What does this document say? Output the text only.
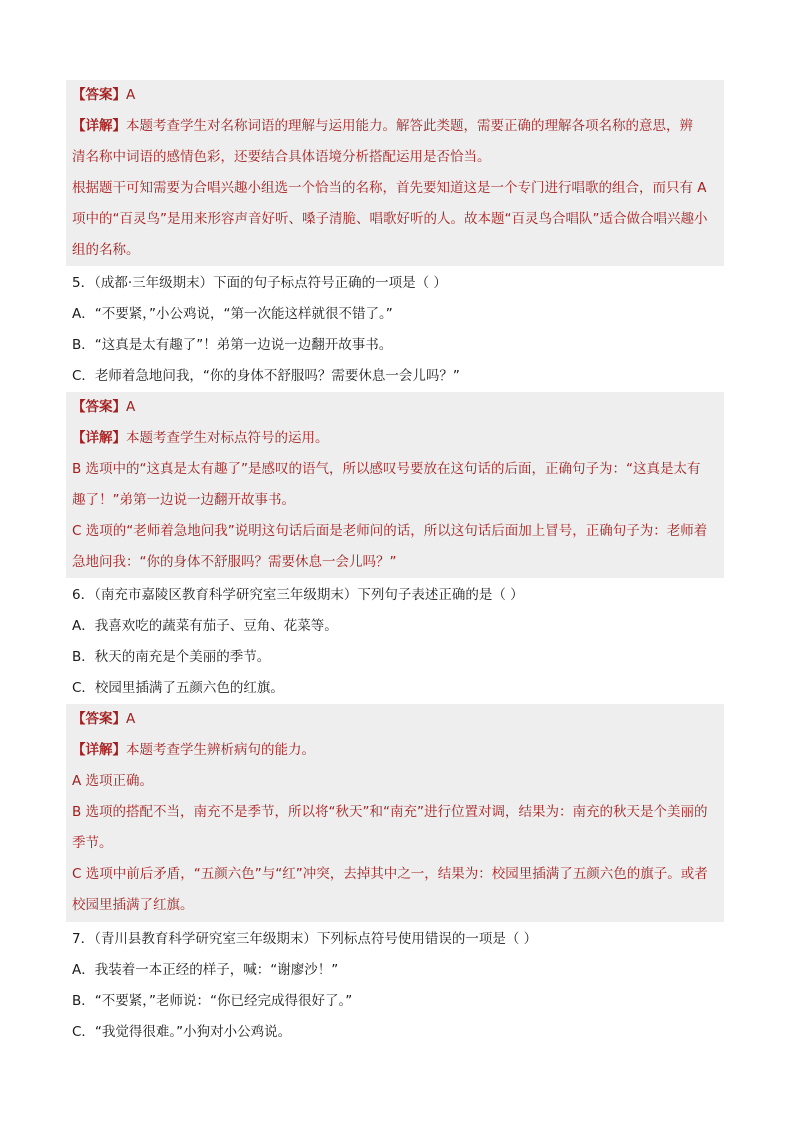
【答案】A
【详解】本题考查学生对名称词语的理解与运用能力。解答此类题，需要正确的理解各项名称的意思，辨
清名称中词语的感情色彩，还要结合具体语境分析搭配运用是否恰当。
根据题干可知需要为合唱兴趣小组选一个恰当的名称，首先要知道这是一个专门进行唱歌的组合，而只有 A
项中的“百灵鸟”是用来形容声音好听、嗓子清脆、唱歌好听的人。故本题“百灵鸟合唱队”适合做合唱兴趣小
组的名称。
5．（成都·三年级期末）下面的句子标点符号正确的一项是（ ）
A．“不要紧，”小公鸡说，“第一次能这样就很不错了。”
B．“这真是太有趣了”！弟第一边说一边翻开故事书。
C．老师着急地问我，“你的身体不舒服吗？需要休息一会儿吗？”
【答案】A
【详解】本题考查学生对标点符号的运用。
B 选项中的“这真是太有趣了”是感叹的语气，所以感叹号要放在这句话的后面，正确句子为：“这真是太有
趣了！”弟第一边说一边翻开故事书。
C 选项的“老师着急地问我”说明这句话后面是老师问的话，所以这句话后面加上冒号，正确句子为：老师着
急地问我：“你的身体不舒服吗？需要休息一会儿吗？”
6．（南充市嘉陵区教育科学研究室三年级期末）下列句子表述正确的是（ ）
A．我喜欢吃的蔬菜有茄子、豆角、花菜等。
B．秋天的南充是个美丽的季节。
C．校园里插满了五颜六色的红旗。
【答案】A
【详解】本题考查学生辨析病句的能力。
A 选项正确。
B 选项的搭配不当，南充不是季节，所以将“秋天”和“南充”进行位置对调，结果为：南充的秋天是个美丽的
季节。
C 选项中前后矛盾，“五颜六色”与“红”冲突，去掉其中之一，结果为：校园里插满了五颜六色的旗子。或者
校园里插满了红旗。
7．（青川县教育科学研究室三年级期末）下列标点符号使用错误的一项是（ ）
A．我装着一本正经的样子，喊：“谢廖沙！”
B．“不要紧，”老师说：“你已经完成得很好了。”
C．“我觉得很难。”小狗对小公鸡说。
